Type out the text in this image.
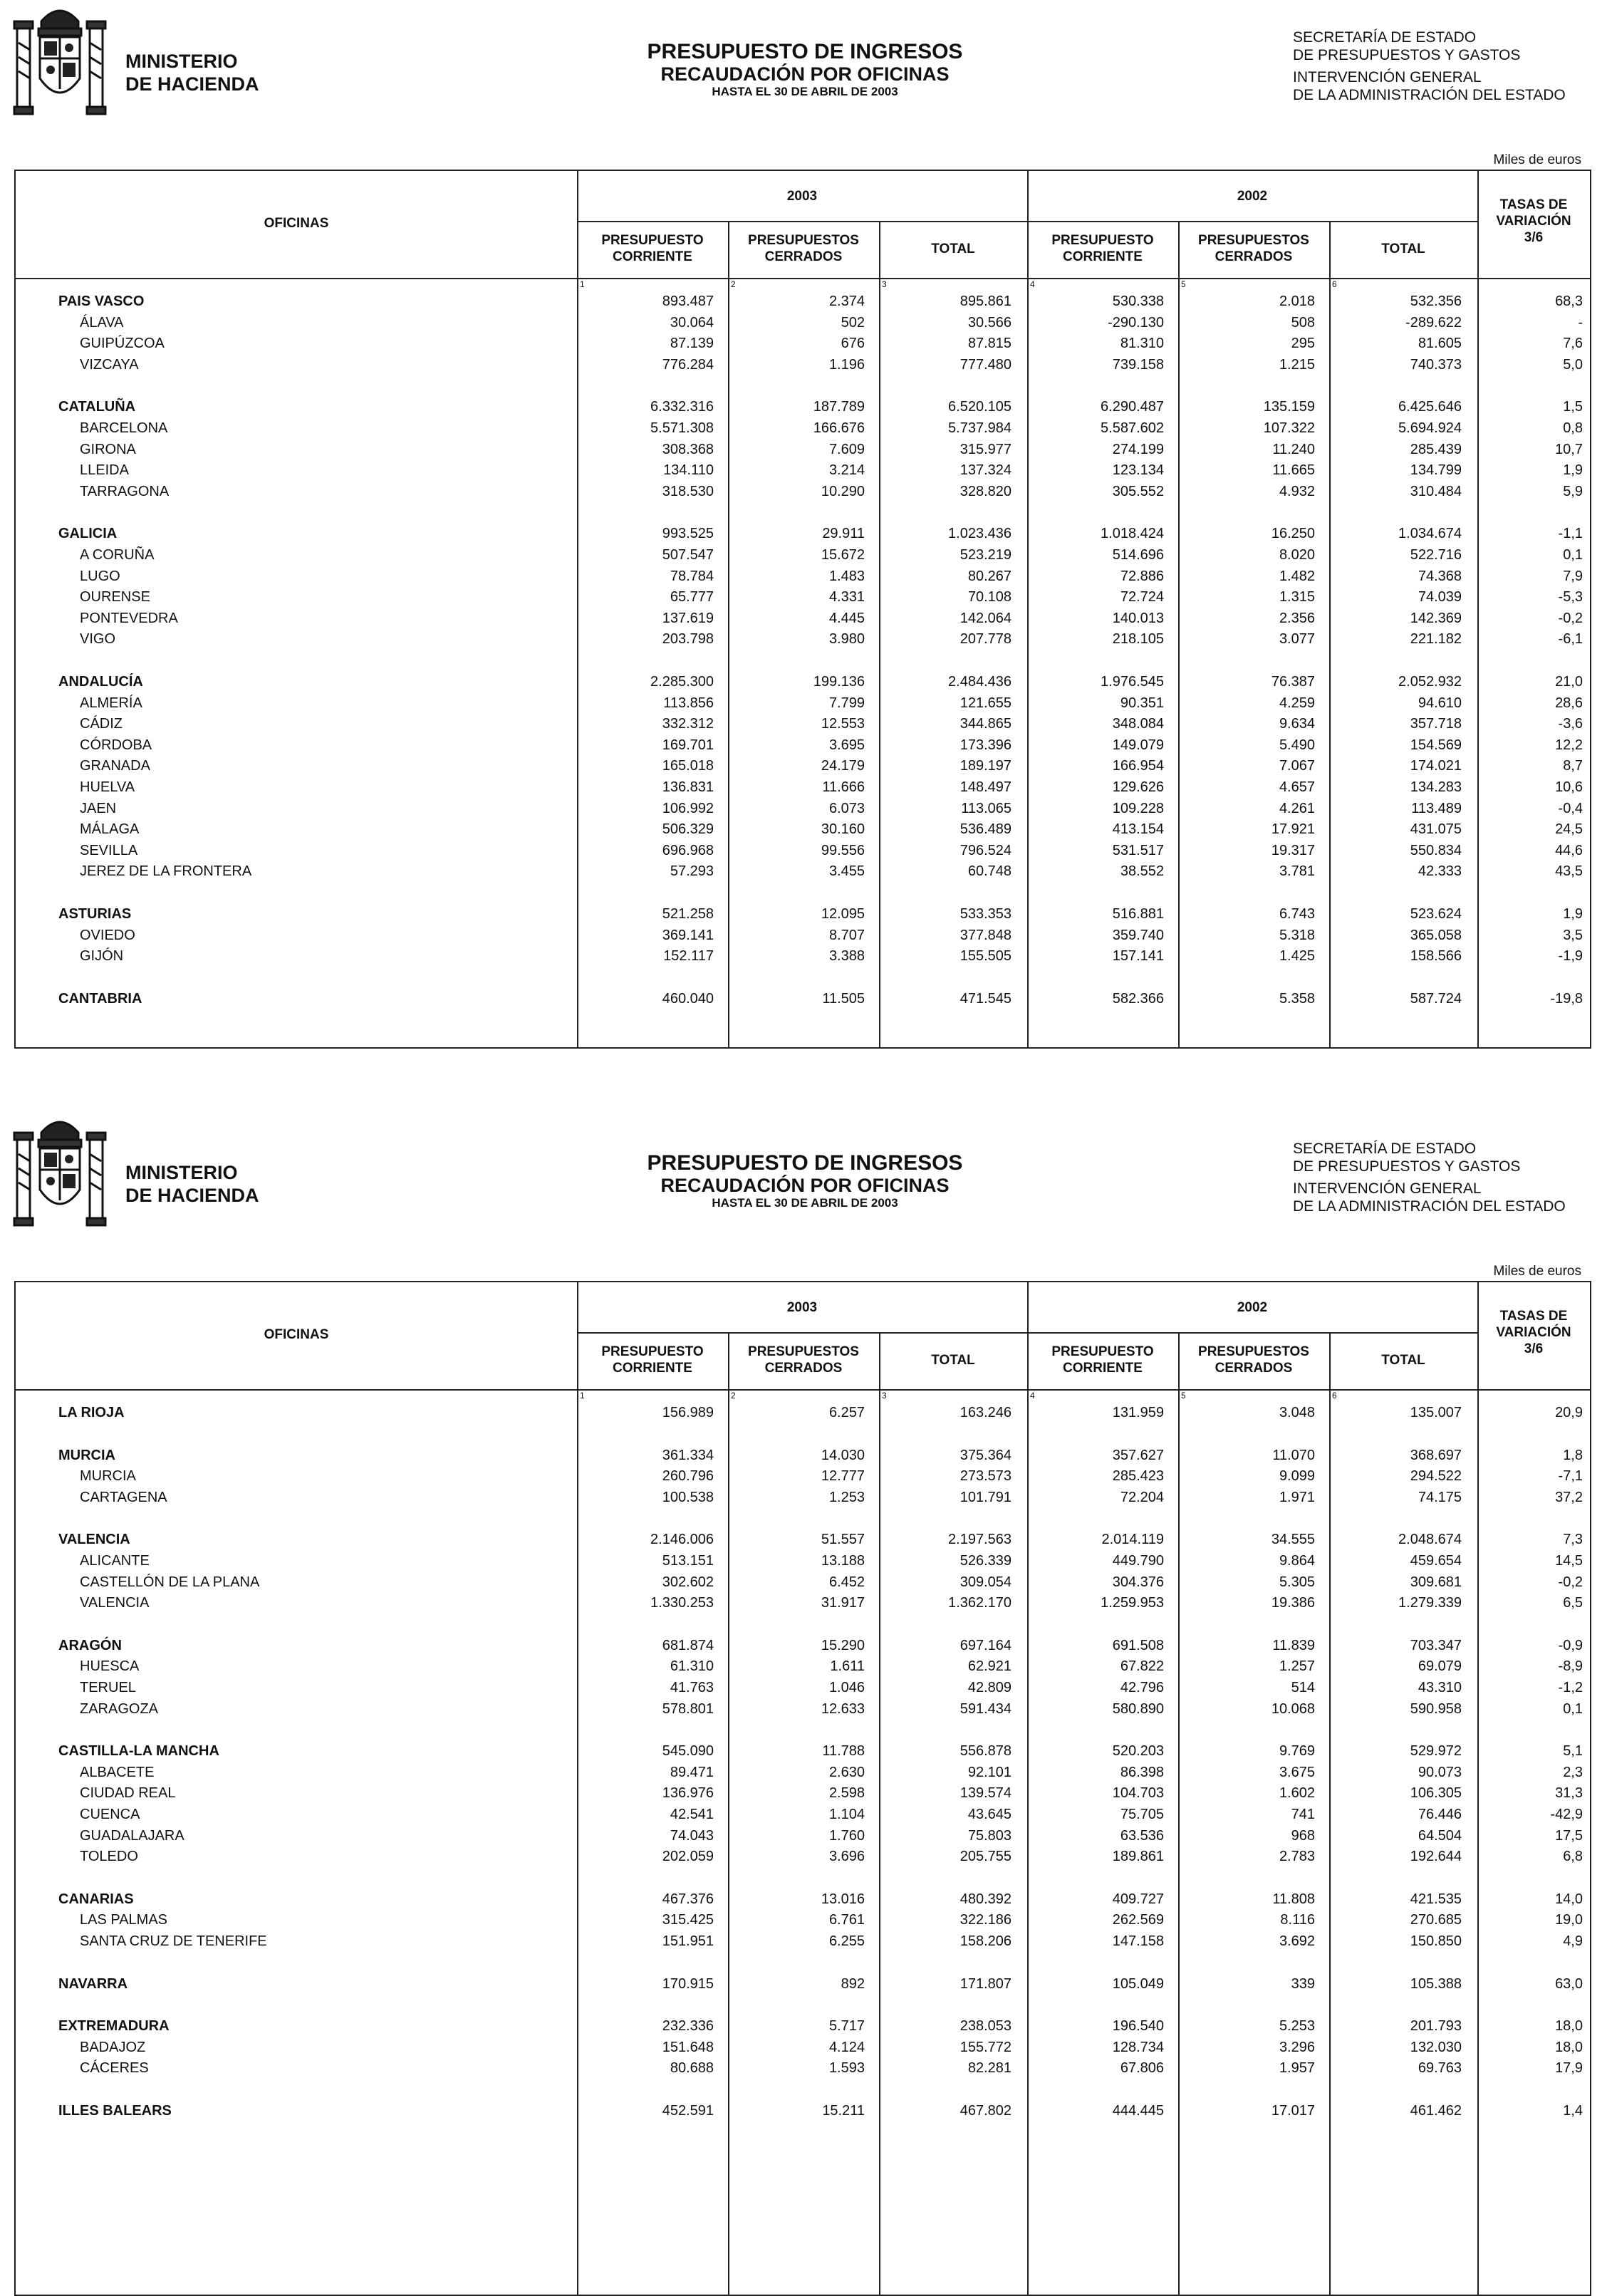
MINISTERIO
DE HACIENDA
PRESUPUESTO DE INGRESOS
RECAUDACIÓN POR OFICINAS
HASTA EL 30 DE ABRIL DE 2003
SECRETARÍA DE ESTADO
DE PRESUPUESTOS Y GASTOS
INTERVENCIÓN GENERAL
DE LA ADMINISTRACIÓN DEL ESTADO
Miles de euros
OFICINAS
2003	2002
TASAS DE
VARIACIÓN
3/6
PRESUPUESTO
CORRIENTE
1
PRESUPUESTOS
CERRADOS
2
TOTAL
3
PRESUPUESTO
CORRIENTE
4
PRESUPUESTOS
CERRADOS
5
TOTAL
6
PAIS VASCO	893.487	2.374	895.861	530.338	2.018	532.356	68,3
ÁLAVA	30.064	502	30.566	-290.130	508	-289.622	-
GUIPÚZCOA	87.139	676	87.815	81.310	295	81.605	7,6
VIZCAYA	776.284	1.196	777.480	739.158	1.215	740.373	5,0
CATALUÑA	6.332.316	187.789	6.520.105	6.290.487	135.159	6.425.646	1,5
BARCELONA	5.571.308	166.676	5.737.984	5.587.602	107.322	5.694.924	0,8
GIRONA	308.368	7.609	315.977	274.199	11.240	285.439	10,7
LLEIDA	134.110	3.214	137.324	123.134	11.665	134.799	1,9
TARRAGONA	318.530	10.290	328.820	305.552	4.932	310.484	5,9
GALICIA	993.525	29.911	1.023.436	1.018.424	16.250	1.034.674	-1,1
A CORUÑA	507.547	15.672	523.219	514.696	8.020	522.716	0,1
LUGO	78.784	1.483	80.267	72.886	1.482	74.368	7,9
OURENSE	65.777	4.331	70.108	72.724	1.315	74.039	-5,3
PONTEVEDRA	137.619	4.445	142.064	140.013	2.356	142.369	-0,2
VIGO	203.798	3.980	207.778	218.105	3.077	221.182	-6,1
ANDALUCÍA	2.285.300	199.136	2.484.436	1.976.545	76.387	2.052.932	21,0
ALMERÍA	113.856	7.799	121.655	90.351	4.259	94.610	28,6
CÁDIZ	332.312	12.553	344.865	348.084	9.634	357.718	-3,6
CÓRDOBA	169.701	3.695	173.396	149.079	5.490	154.569	12,2
GRANADA	165.018	24.179	189.197	166.954	7.067	174.021	8,7
HUELVA	136.831	11.666	148.497	129.626	4.657	134.283	10,6
JAEN	106.992	6.073	113.065	109.228	4.261	113.489	-0,4
MÁLAGA	506.329	30.160	536.489	413.154	17.921	431.075	24,5
SEVILLA	696.968	99.556	796.524	531.517	19.317	550.834	44,6
JEREZ DE LA FRONTERA	57.293	3.455	60.748	38.552	3.781	42.333	43,5
ASTURIAS	521.258	12.095	533.353	516.881	6.743	523.624	1,9
OVIEDO	369.141	8.707	377.848	359.740	5.318	365.058	3,5
GIJÓN	152.117	3.388	155.505	157.141	1.425	158.566	-1,9
CANTABRIA	460.040	11.505	471.545	582.366	5.358	587.724	-19,8
MINISTERIO
DE HACIENDA
PRESUPUESTO DE INGRESOS
RECAUDACIÓN POR OFICINAS
HASTA EL 30 DE ABRIL DE 2003
SECRETARÍA DE ESTADO
DE PRESUPUESTOS Y GASTOS
INTERVENCIÓN GENERAL
DE LA ADMINISTRACIÓN DEL ESTADO
Miles de euros
OFICINAS
2003	2002
TASAS DE
VARIACIÓN
3/6
PRESUPUESTO
CORRIENTE
1
PRESUPUESTOS
CERRADOS
2
TOTAL
3
PRESUPUESTO
CORRIENTE
4
PRESUPUESTOS
CERRADOS
5
TOTAL
6
LA RIOJA	156.989	6.257	163.246	131.959	3.048	135.007	20,9
MURCIA	361.334	14.030	375.364	357.627	11.070	368.697	1,8
MURCIA	260.796	12.777	273.573	285.423	9.099	294.522	-7,1
CARTAGENA	100.538	1.253	101.791	72.204	1.971	74.175	37,2
VALENCIA	2.146.006	51.557	2.197.563	2.014.119	34.555	2.048.674	7,3
ALICANTE	513.151	13.188	526.339	449.790	9.864	459.654	14,5
CASTELLÓN DE LA PLANA	302.602	6.452	309.054	304.376	5.305	309.681	-0,2
VALENCIA	1.330.253	31.917	1.362.170	1.259.953	19.386	1.279.339	6,5
ARAGÓN	681.874	15.290	697.164	691.508	11.839	703.347	-0,9
HUESCA	61.310	1.611	62.921	67.822	1.257	69.079	-8,9
TERUEL	41.763	1.046	42.809	42.796	514	43.310	-1,2
ZARAGOZA	578.801	12.633	591.434	580.890	10.068	590.958	0,1
CASTILLA-LA MANCHA	545.090	11.788	556.878	520.203	9.769	529.972	5,1
ALBACETE	89.471	2.630	92.101	86.398	3.675	90.073	2,3
CIUDAD REAL	136.976	2.598	139.574	104.703	1.602	106.305	31,3
CUENCA	42.541	1.104	43.645	75.705	741	76.446	-42,9
GUADALAJARA	74.043	1.760	75.803	63.536	968	64.504	17,5
TOLEDO	202.059	3.696	205.755	189.861	2.783	192.644	6,8
CANARIAS	467.376	13.016	480.392	409.727	11.808	421.535	14,0
LAS PALMAS	315.425	6.761	322.186	262.569	8.116	270.685	19,0
SANTA CRUZ DE TENERIFE	151.951	6.255	158.206	147.158	3.692	150.850	4,9
NAVARRA	170.915	892	171.807	105.049	339	105.388	63,0
EXTREMADURA	232.336	5.717	238.053	196.540	5.253	201.793	18,0
BADAJOZ	151.648	4.124	155.772	128.734	3.296	132.030	18,0
CÁCERES	80.688	1.593	82.281	67.806	1.957	69.763	17,9
ILLES BALEARS	452.591	15.211	467.802	444.445	17.017	461.462	1,4
